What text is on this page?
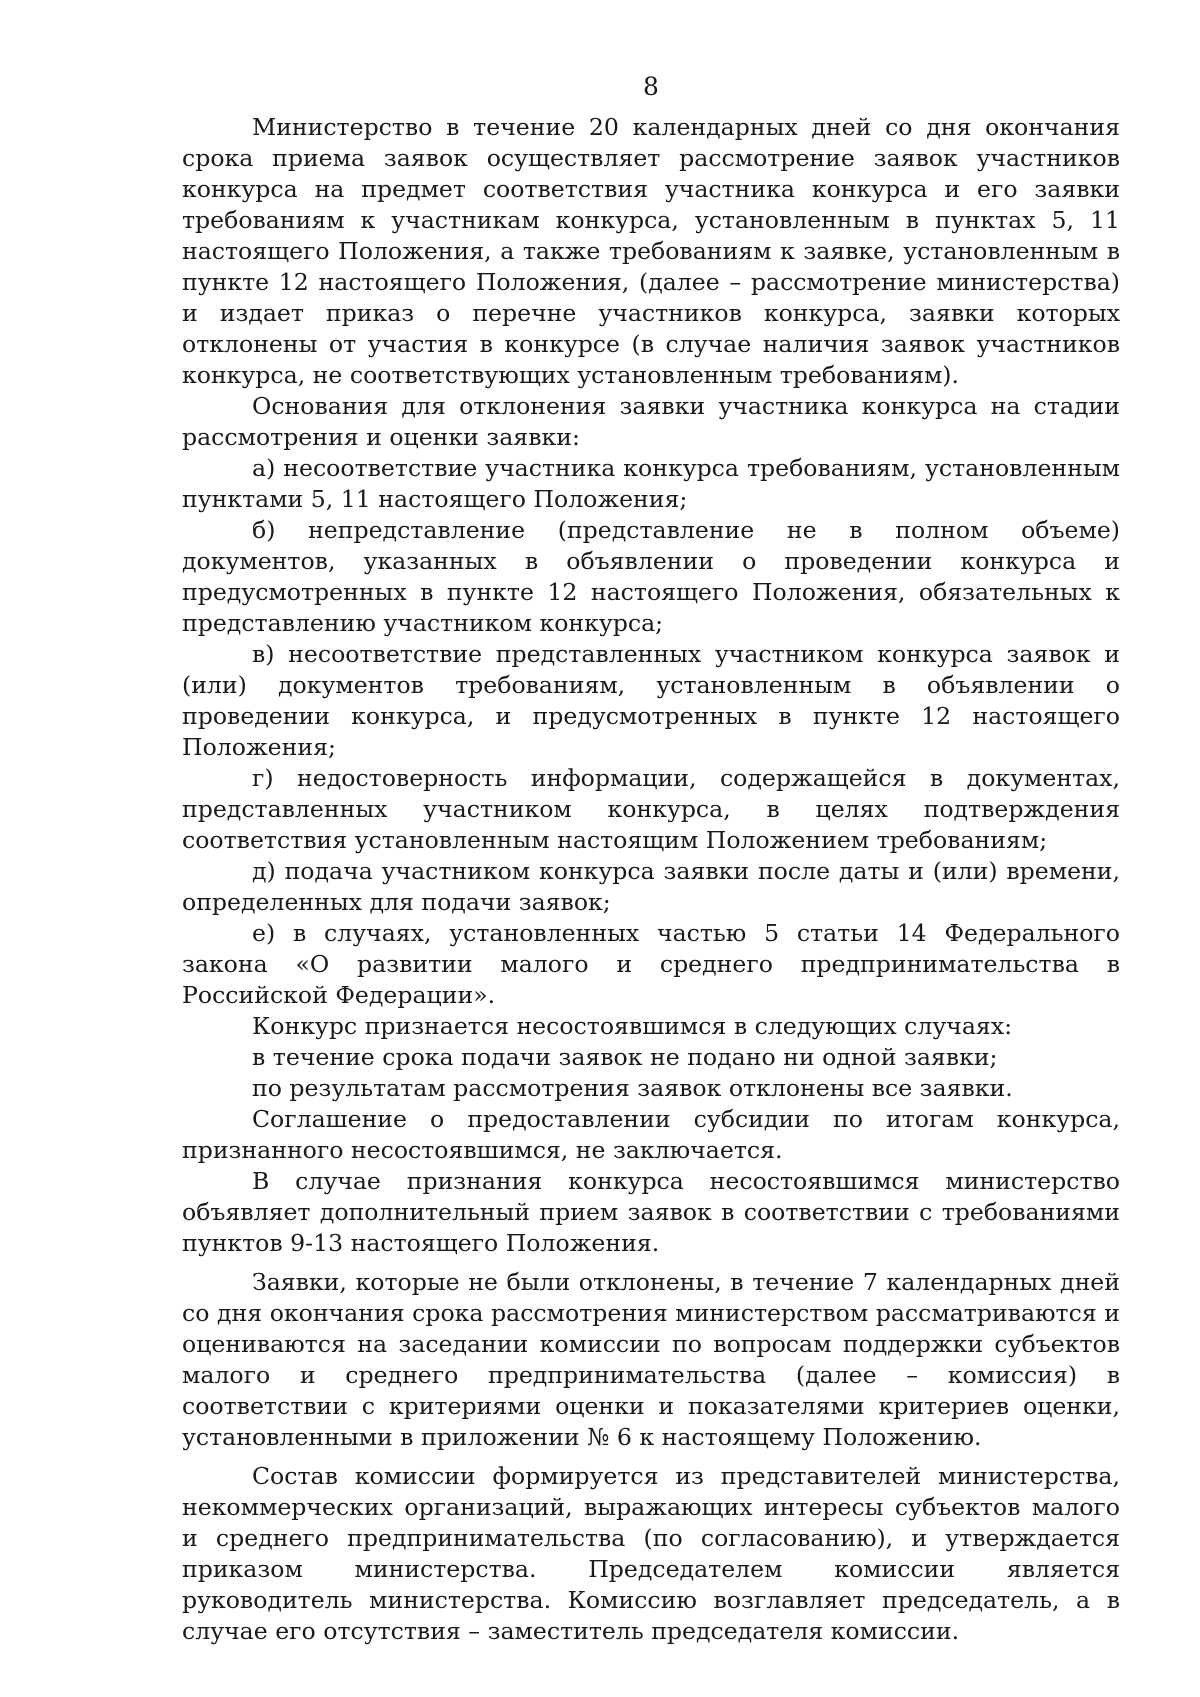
8

Министерство в течение 20 календарных дней со дня окончания срока приема заявок осуществляет рассмотрение заявок участников конкурса на предмет соответствия участника конкурса и его заявки требованиям к участникам конкурса, установленным в пунктах 5, 11 настоящего Положения, а также требованиям к заявке, установленным в пункте 12 настоящего Положения, (далее – рассмотрение министерства) и издает приказ о перечне участников конкурса, заявки которых отклонены от участия в конкурсе (в случае наличия заявок участников конкурса, не соответствующих установленным требованиям).

Основания для отклонения заявки участника конкурса на стадии рассмотрения и оценки заявки:

а) несоответствие участника конкурса требованиям, установленным пунктами 5, 11 настоящего Положения;

б) непредставление (представление не в полном объеме) документов, указанных в объявлении о проведении конкурса и предусмотренных в пункте 12 настоящего Положения, обязательных к представлению участником конкурса;

в) несоответствие представленных участником конкурса заявок и (или) документов требованиям, установленным в объявлении о проведении конкурса, и предусмотренных в пункте 12 настоящего Положения;

г) недостоверность информации, содержащейся в документах, представленных участником конкурса, в целях подтверждения соответствия установленным настоящим Положением требованиям;

д) подача участником конкурса заявки после даты и (или) времени, определенных для подачи заявок;

е) в случаях, установленных частью 5 статьи 14 Федерального закона «О развитии малого и среднего предпринимательства в Российской Федерации».

Конкурс признается несостоявшимся в следующих случаях:

в течение срока подачи заявок не подано ни одной заявки;

по результатам рассмотрения заявок отклонены все заявки.

Соглашение о предоставлении субсидии по итогам конкурса, признанного несостоявшимся, не заключается.

В случае признания конкурса несостоявшимся министерство объявляет дополнительный прием заявок в соответствии с требованиями пунктов 9-13 настоящего Положения.

Заявки, которые не были отклонены, в течение 7 календарных дней со дня окончания срока рассмотрения министерством рассматриваются и оцениваются на заседании комиссии по вопросам поддержки субъектов малого и среднего предпринимательства (далее – комиссия) в соответствии с критериями оценки и показателями критериев оценки, установленными в приложении № 6 к настоящему Положению.

Состав комиссии формируется из представителей министерства, некоммерческих организаций, выражающих интересы субъектов малого и среднего предпринимательства (по согласованию), и утверждается приказом министерства. Председателем комиссии является руководитель министерства. Комиссию возглавляет председатель, а в случае его отсутствия – заместитель председателя комиссии.
